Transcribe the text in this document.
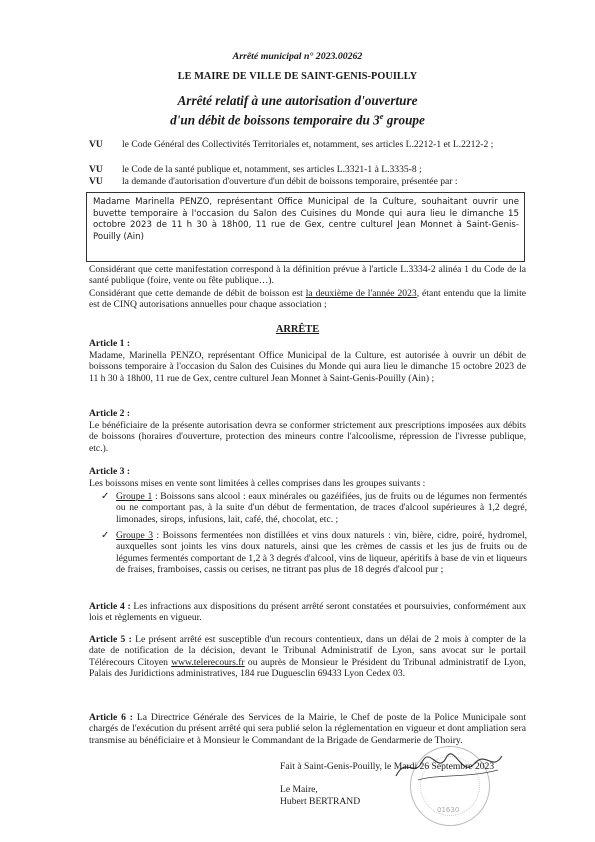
Arrêté municipal n° 2023.00262
LE MAIRE DE VILLE DE SAINT-GENIS-POUILLY
Arrêté relatif à une autorisation d'ouverture
d'un débit de boissons temporaire du 3e groupe
VU	le Code Général des Collectivités Territoriales et, notamment, ses articles L.2212-1 et L.2212-2 ;
VU	le Code de la santé publique et, notamment, ses articles L.3321-1 à L.3335-8 ;
VU	la demande d'autorisation d'ouverture d'un débit de boissons temporaire, présentée par :
Madame Marinella PENZO, représentant Office Municipal de la Culture, souhaitant ouvrir une buvette temporaire à l'occasion du Salon des Cuisines du Monde qui aura lieu le dimanche 15 octobre 2023 de 11 h 30 à 18h00, 11 rue de Gex, centre culturel Jean Monnet à Saint-Genis-Pouilly (Ain)
Considérant que cette manifestation correspond à la définition prévue à l'article L.3334-2 alinéa 1 du Code de la santé publique (foire, vente ou fête publique…).
Considérant que cette demande de débit de boisson est la deuxième de l'année 2023, étant entendu que la limite est de CINQ autorisations annuelles pour chaque association ;
ARRÊTE
Article 1 :
Madame, Marinella PENZO, représentant Office Municipal de la Culture, est autorisée à ouvrir un débit de boissons temporaire à l'occasion du Salon des Cuisines du Monde qui aura lieu le dimanche 15 octobre 2023 de 11 h 30 à 18h00, 11 rue de Gex, centre culturel Jean Monnet à Saint-Genis-Pouilly (Ain) ;
Article 2 :
Le bénéficiaire de la présente autorisation devra se conformer strictement aux prescriptions imposées aux débits de boissons (horaires d'ouverture, protection des mineurs contre l'alcoolisme, répression de l'ivresse publique, etc.).
Article 3 :
Les boissons mises en vente sont limitées à celles comprises dans les groupes suivants :
✓ Groupe 1 : Boissons sans alcool : eaux minérales ou gazéifiées, jus de fruits ou de légumes non fermentés ou ne comportant pas, à la suite d'un début de fermentation, de traces d'alcool supérieures à 1,2 degré, limonades, sirops, infusions, lait, café, thé, chocolat, etc. ;
✓ Groupe 3 : Boissons fermentées non distillées et vins doux naturels : vin, bière, cidre, poiré, hydromel, auxquelles sont joints les vins doux naturels, ainsi que les crèmes de cassis et les jus de fruits ou de légumes fermentés comportant de 1,2 à 3 degrés d'alcool, vins de liqueur, apéritifs à base de vin et liqueurs de fraises, framboises, cassis ou cerises, ne titrant pas plus de 18 degrés d'alcool pur ;
Article 4 : Les infractions aux dispositions du présent arrêté seront constatées et poursuivies, conformément aux lois et règlements en vigueur.
Article 5 : Le présent arrêté est susceptible d'un recours contentieux, dans un délai de 2 mois à compter de la date de notification de la décision, devant le Tribunal Administratif de Lyon, sans avocat sur le portail Télérecours Citoyen www.telerecours.fr ou auprès de Monsieur le Président du Tribunal administratif de Lyon, Palais des Juridictions administratives, 184 rue Duguesclin 69433 Lyon Cedex 03.
Article 6 : La Directrice Générale des Services de la Mairie, le Chef de poste de la Police Municipale sont chargés de l'exécution du présent arrêté qui sera publié selon la réglementation en vigueur et dont ampliation sera transmise au bénéficiaire et à Monsieur le Commandant de la Brigade de Gendarmerie de Thoiry.
01630
Fait à Saint-Genis-Pouilly, le Mardi 26 Septembre 2023
Le Maire,
Hubert BERTRAND
